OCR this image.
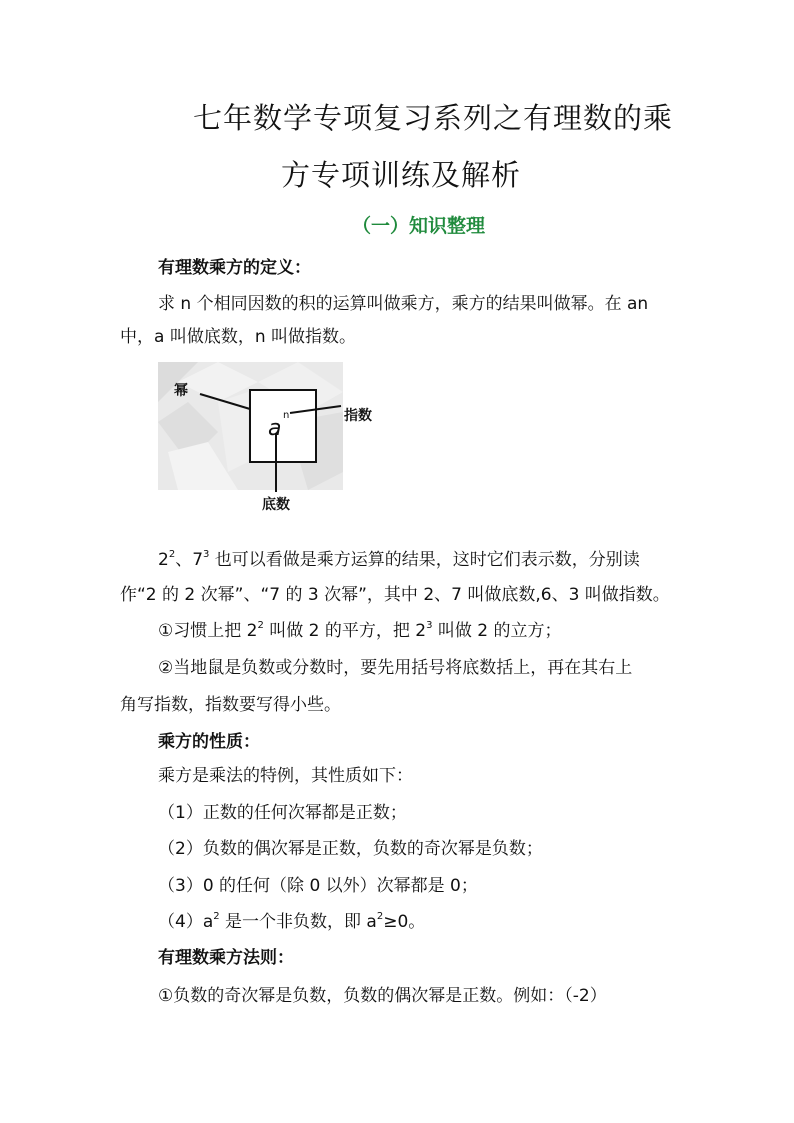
七年数学专项复习系列之有理数的乘
方专项训练及解析
（一）知识整理
有理数乘方的定义：
求 n 个相同因数的积的运算叫做乘方，乘方的结果叫做幂。在 an
中，a 叫做底数，n 叫做指数。
幂
指数
底数
a
n
$2^2$、$7^3$ 也可以看做是乘方运算的结果，这时它们表示数，分别读
作“2 的 2 次幂”、“7 的 3 次幂”，其中 2、7 叫做底数,6、3 叫做指数。
①习惯上把 $2^2$ 叫做 2 的平方，把 $2^3$ 叫做 2 的立方；
②当地鼠是负数或分数时，要先用括号将底数括上，再在其右上
角写指数，指数要写得小些。
乘方的性质：
乘方是乘法的特例，其性质如下：
（1）正数的任何次幂都是正数；
（2）负数的偶次幂是正数，负数的奇次幂是负数；
（3）0 的任何（除 0 以外）次幂都是 0；
$(4)a^2$ 是一个非负数，即 $a^2\ge 0$。
有理数乘方法则：
①负数的奇次幂是负数，负数的偶次幂是正数。例如：（-2）
